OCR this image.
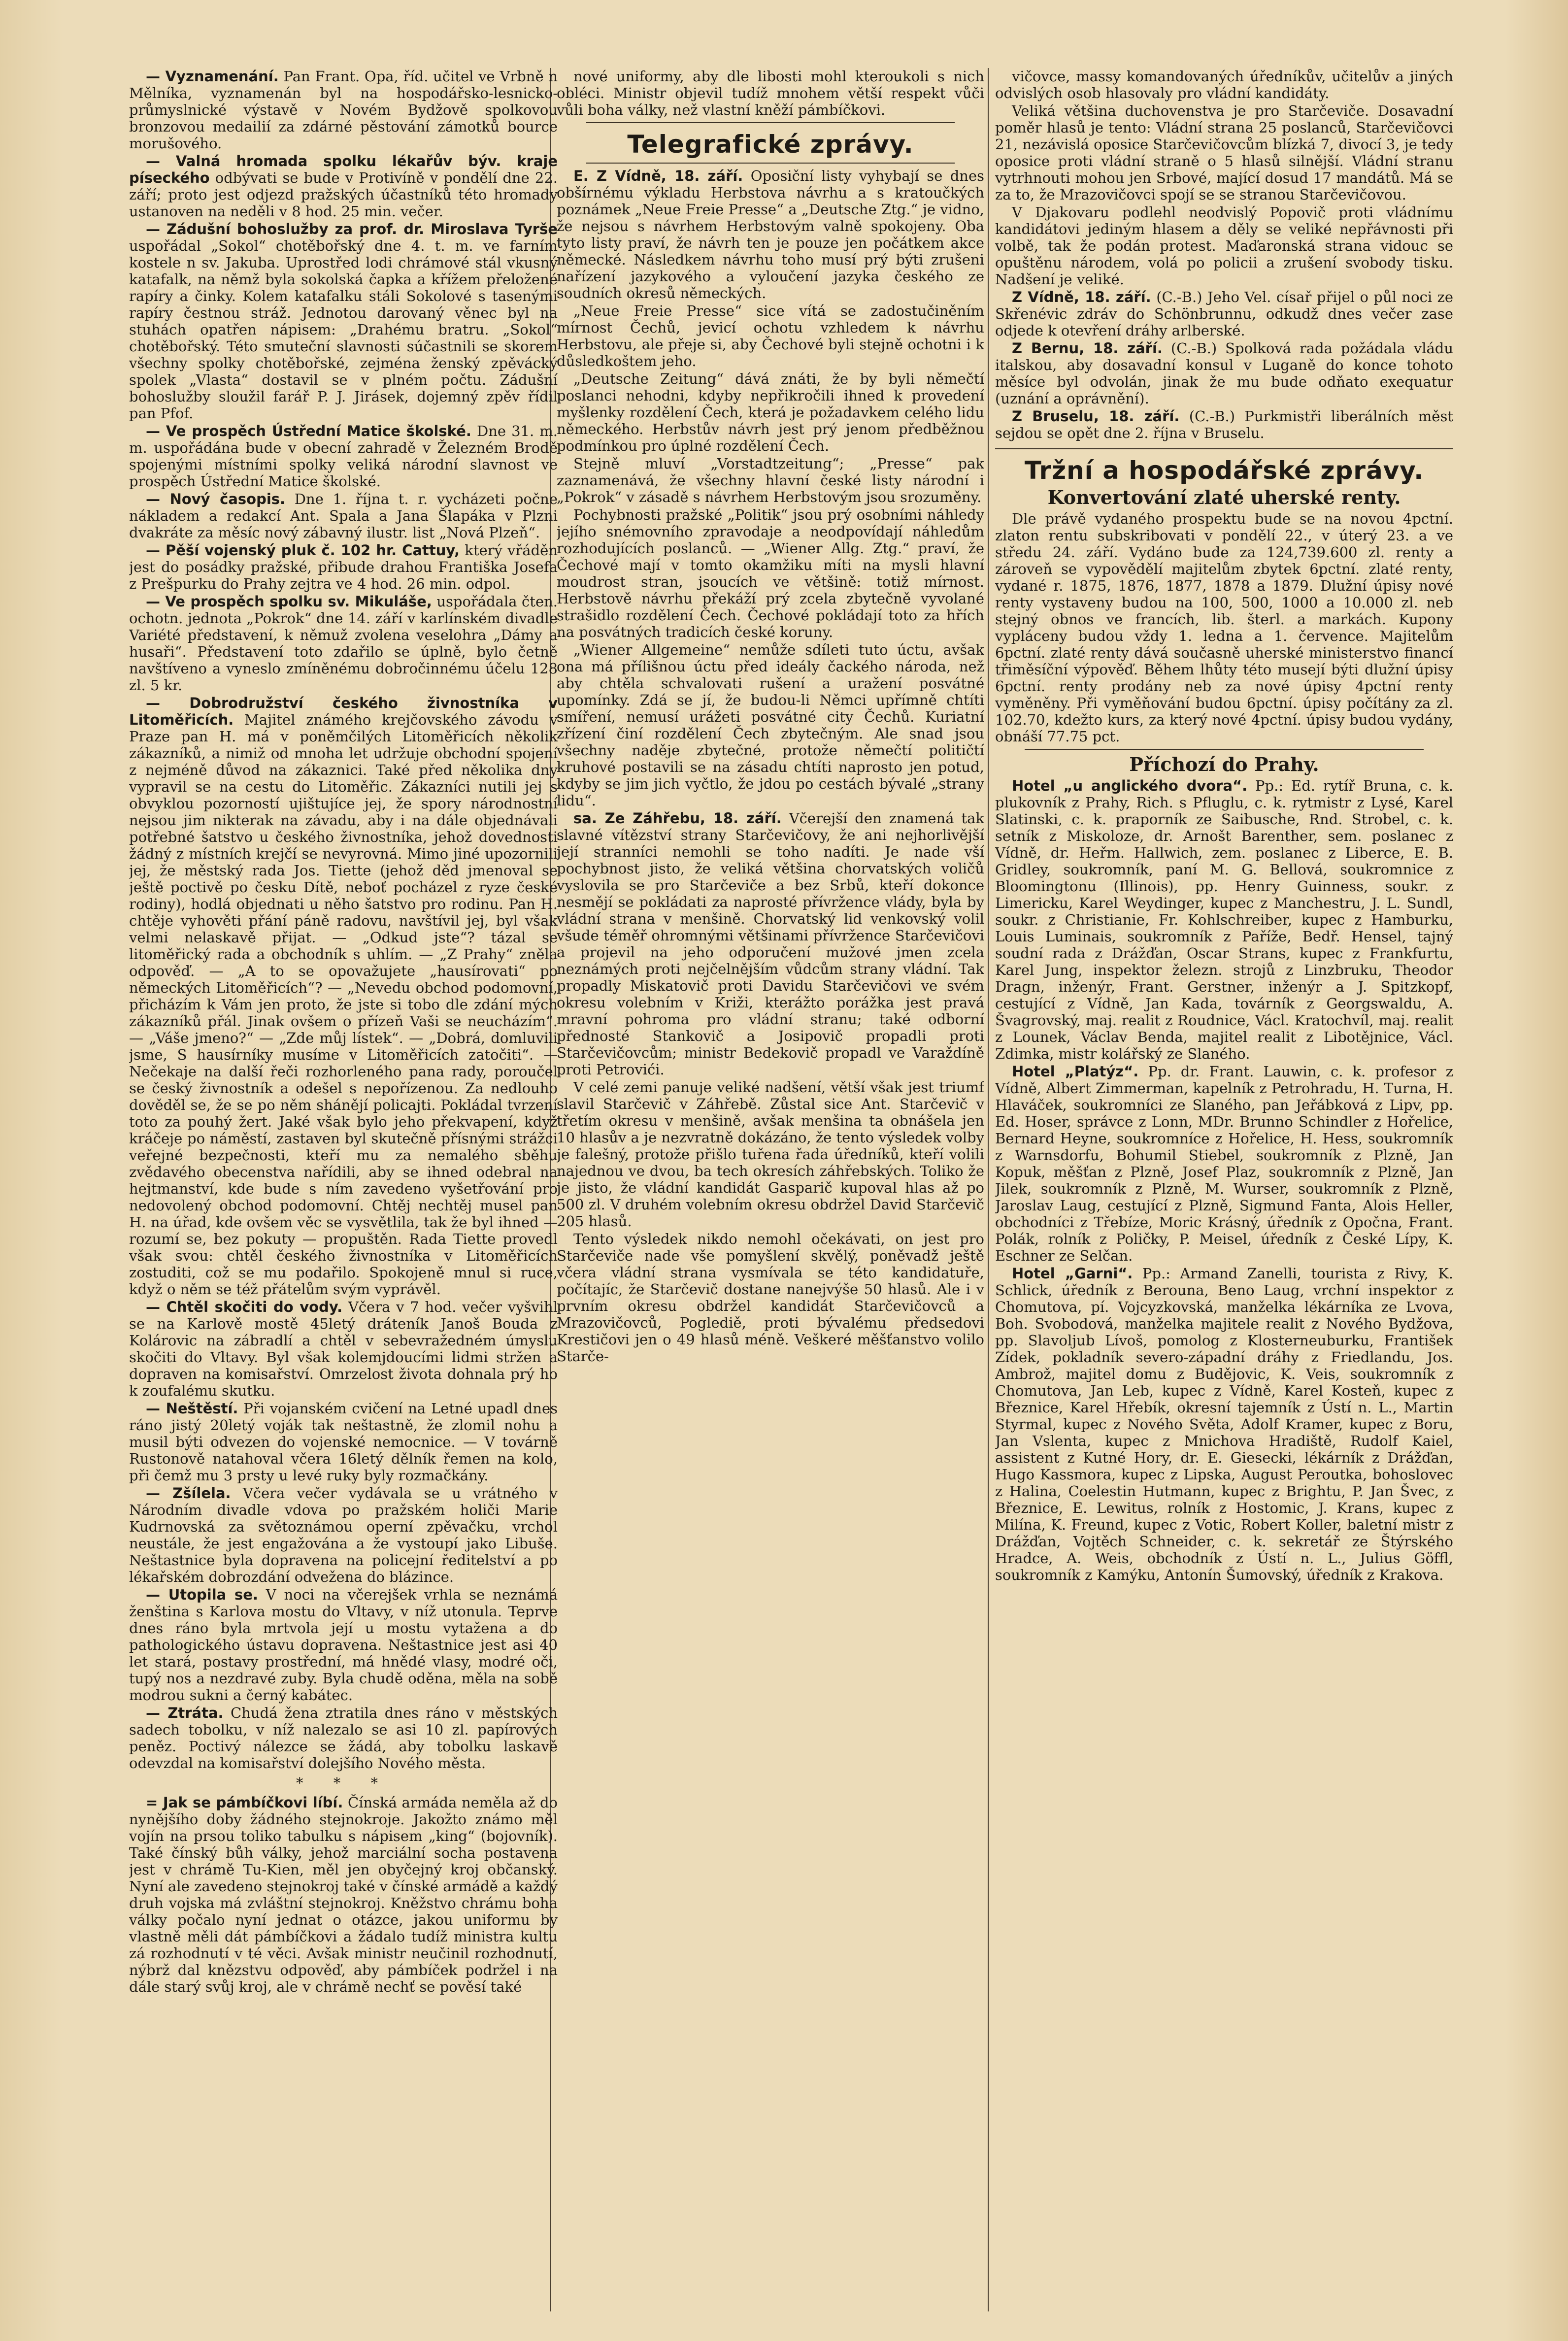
— Vyznamenání. Pan Frant. Opa, říd. učitel ve Vrbně n Mělníka, vyznamenán byl na hospodářsko-lesnicko-průmyslnické výstavě v Novém Bydžově spolkovou bronzovou medailií za zdárné pěstování zámotků bource morušového.

— Valná hromada spolku lékařův býv. kraje píseckého odbývati se bude v Protivíně v pondělí dne 22. září; proto jest odjezd pražských účastníků této hromady ustanoven na neděli v 8 hod. 25 min. večer.

— Zádušní bohoslužby za prof. dr. Miroslava Tyrše uspořádal „Sokol“ chotěbořský dne 4. t. m. ve farním kostele n sv. Jakuba. Uprostřed lodi chrámové stál vkusný katafalk, na němž byla sokolská čapka a křížem přeložené rapíry a činky. Kolem katafalku stáli Sokolové s tasenými rapíry čestnou stráž. Jednotou darovaný věnec byl na stuhách opatřen nápisem: „Drahému bratru. „Sokol“ chotěbořský. Této smuteční slavnosti súčastnili se skorem všechny spolky chotěbořské, zejména ženský zpěvácký spolek „Vlasta“ dostavil se v plném počtu. Zádušní bohoslužby sloužil farář P. J. Jirásek, dojemný zpěv řídil pan Pfof.

— Ve prospěch Ústřední Matice školské. Dne 31. m. m. uspořádána bude v obecní zahradě v Železném Brodě spojenými místními spolky veliká národní slavnost ve prospěch Ústřední Matice školské.

— Nový časopis. Dne 1. října t. r. vycházeti počne nákladem a redakcí Ant. Spala a Jana Šlapáka v Plzni dvakráte za měsíc nový zábavný ilustr. list „Nová Plzeň“.

— Pěší vojenský pluk č. 102 hr. Cattuy, který vřáděn jest do posádky pražské, přibude drahou Františka Josefa z Prešpurku do Prahy zejtra ve 4 hod. 26 min. odpol.

— Ve prospěch spolku sv. Mikuláše, uspořádala čten. ochotn. jednota „Pokrok“ dne 14. září v karlínském divadle Variété představení, k němuž zvolena veselohra „Dámy a husaři“. Představení toto zdařilo se úplně, bylo četně navštíveno a vyneslo zmíněnému dobročinnému účelu 128 zl. 5 kr.

— Dobrodružství českého živnostníka v Litoměřicích. Majitel známého krejčovského závodu v Praze pan H. má v poněmčilých Litoměřicích několik zákazníků, a nimiž od mnoha let udržuje obchodní spojení z nejméně důvod na zákaznici. Také před několika dny vypravil se na cestu do Litoměřic. Zákazníci nutili jej s obvyklou pozorností ujištujíce jej, že spory národnostní nejsou jim nikterak na závadu, aby i na dále objednávali potřebné šatstvo u českého živnostníka, jehož dovednosti žádný z místních krejčí se nevyrovná. Mimo jiné upozornili jej, že městský rada Jos. Tiette (jehož děd jmenoval se ještě poctivě po česku Dítě, neboť pocházel z ryze české rodiny), hodlá objednati u něho šatstvo pro rodinu. Pan H. chtěje vyhověti přání páně radovu, navštívil jej, byl však velmi nelaskavě přijat. — „Odkud jste“? tázal se litoměřický rada a obchodník s uhlím. — „Z Prahy“ zněla odpověď. — „A to se opovažujete „hausírovati“ po německých Litoměřicích“? — „Nevedu obchod podomovní, přicházím k Vám jen proto, že jste si tobo dle zdání mých zákazníků přál. Jinak ovšem o přízeň Vaši se neucházím“. — „Váše jmeno?“ — „Zde můj lístek“. — „Dobrá, domluvili jsme, S hausírníky musíme v Litoměřicích zatočiti“. — Nečekaje na další řeči rozhorleného pana rady, poroučel se český živnostník a odešel s nepořízenou. Za nedlouho dověděl se, že se po něm shánějí policajti. Pokládal tvrzení toto za pouhý žert. Jaké však bylo jeho překvapení, když kráčeje po náměstí, zastaven byl skutečně přísnými strážci veřejné bezpečnosti, kteří mu za nemalého sběhu zvědavého obecenstva nařídili, aby se ihned odebral na hejtmanství, kde bude s ním zavedeno vyšetřování pro nedovolený obchod podomovní. Chtěj nechtěj musel pan H. na úřad, kde ovšem věc se vysvětlila, tak že byl ihned — rozumí se, bez pokuty — propuštěn. Rada Tiette provedl však svou: chtěl českého živnostníka v Litoměřicích zostuditi, což se mu podařilo. Spokojeně mnul si ruce, když o něm se též přátelům svým vyprávěl.

— Chtěl skočiti do vody. Včera v 7 hod. večer vyšvihl se na Karlově mostě 45letý dráteník Janoš Bouda z Kolárovic na zábradlí a chtěl v sebevražedném úmyslu skočiti do Vltavy. Byl však kolemjdoucími lidmi stržen a dopraven na komisařství. Omrzelost života dohnala prý ho k zoufalému skutku.

— Neštěstí. Při vojanském cvičení na Letné upadl dnes ráno jistý 20letý voják tak neštastně, že zlomil nohu a musil býti odvezen do vojenské nemocnice. — V továrně Rustonově natahoval včera 16letý dělník řemen na kolo, při čemž mu 3 prsty u levé ruky byly rozmačkány.

— Zšílela. Včera večer vydávala se u vrátného v Národním divadle vdova po pražském holiči Marie Kudrnovská za světoznámou operní zpěvačku, vrchol neustále, že jest engažována a že vystoupí jako Libuše. Neštastnice byla dopravena na policejní ředitelství a po lékařském dobrozdání odvežena do blázince.

— Utopila se. V noci na včerejšek vrhla se neznámá ženština s Karlova mostu do Vltavy, v níž utonula. Teprve dnes ráno byla mrtvola její u mostu vytažena a do pathologického ústavu dopravena. Neštastnice jest asi 40 let stará, postavy prostřední, má hnědé vlasy, modré oči, tupý nos a nezdravé zuby. Byla chudě oděna, měla na sobě modrou sukni a černý kabátec.

— Ztráta. Chudá žena ztratila dnes ráno v městských sadech tobolku, v níž nalezalo se asi 10 zl. papírových peněz. Poctivý nálezce se žádá, aby tobolku laskavě odevzdal na komisařství dolejšího Nového města.

* * *

= Jak se pámbíčkovi líbí. Čínská armáda neměla až do nynějšího doby žádného stejnokroje. Jakožto známo měl vojín na prsou toliko tabulku s nápisem „king“ (bojovník). Také čínský bůh války, jehož marciální socha postavena jest v chrámě Tu-Kien, měl jen obyčejný kroj občanský. Nyní ale zavedeno stejnokroj také v čínské armádě a každý druh vojska má zvláštní stejnokroj. Kněžstvo chrámu boha války počalo nyní jednat o otázce, jakou uniformu by vlastně měli dát pámbíčkovi a žádalo tudíž ministra kultu zá rozhodnutí v té věci. Avšak ministr neučinil rozhodnutí, nýbrž dal knězstvu odpověď, aby pámbíček podržel i na dále starý svůj kroj, ale v chrámě nechť se pověsí také

nové uniformy, aby dle libosti mohl kteroukoli s nich obléci. Ministr objevil tudíž mnohem větší respekt vůči vůli boha války, než vlastní kněží pámbíčkovi.

Telegrafické zprávy.

E. Z Vídně, 18. září. Oposiční listy vyhybají se dnes obšírnému výkladu Herbstova návrhu a s kratoučkých poznámek „Neue Freie Presse“ a „Deutsche Ztg.“ je vidno, že nejsou s návrhem Herbstovým valně spokojeny. Oba tyto listy praví, že návrh ten je pouze jen počátkem akce německé. Následkem návrhu toho musí prý býti zrušeni nařízení jazykového a vyloučení jazyka českého ze soudních okresů německých.

„Neue Freie Presse“ sice vítá se zadostučiněním mírnost Čechů, jevicí ochotu vzhledem k návrhu Herbstovu, ale přeje si, aby Čechové byli stejně ochotni i k důsledkoštem jeho.

„Deutsche Zeitung“ dává znáti, že by byli němečtí poslanci nehodni, kdyby nepřikročili ihned k provedení myšlenky rozdělení Čech, která je požadavkem celého lidu německého. Herbstův návrh jest prý jenom předběžnou podmínkou pro úplné rozdělení Čech.

Stejně mluví „Vorstadtzeitung“; „Presse“ pak zaznamenává, že všechny hlavní české listy národní i „Pokrok“ v zásadě s návrhem Herbstovým jsou srozuměny.

Pochybnosti pražské „Politik“ jsou prý osobními náhledy jejího snémovního zpravodaje a neodpovídají náhledům rozhodujících poslanců. — „Wiener Allg. Ztg.“ praví, že Čechové mají v tomto okamžiku míti na mysli hlavní moudrost stran, jsoucích ve většině: totiž mírnost. Herbstově návrhu překáží prý zcela zbytečně vyvolané strašidlo rozdělení Čech. Čechové pokládají toto za hřích na posvátných tradicích české koruny.

„Wiener Allgemeine“ nemůže sdíleti tuto úctu, avšak ona má přílišnou úctu před ideály čackého národa, než aby chtěla schvalovati rušení a uražení posvátné upomínky. Zdá se jí, že budou-li Němci upřímně chtíti smíření, nemusí urážeti posvátné city Čechů. Kuriatní zřízení činí rozdělení Čech zbytečným. Ale snad jsou všechny naděje zbytečné, protože němečtí političtí kruhové postavili se na zásadu chtíti naprosto jen potud, kdyby se jim jich vyčtlo, že jdou po cestách bývalé „strany lidu“.

sa. Ze Záhřebu, 18. září. Včerejší den znamená tak slavné vítězství strany Starčevičovy, že ani nejhorlivější její stranníci nemohli se toho nadíti. Je nade vší pochybnost jisto, že veliká většina chorvatských voličů vyslovila se pro Starčeviče a bez Srbů, kteří dokonce nesmějí se pokládati za naprosté přívržence vlády, byla by vládní strana v menšině. Chorvatský lid venkovský volil všude téměř ohromnými většinami přívržence Starčevičovi a projevil na jeho odporučení mužové jmen zcela neznámých proti nejčelnějším vůdcům strany vládní. Tak propadly Miskatovič proti Davidu Starčevičovi ve svém okresu volebním v Križi, kterážto porážka jest pravá mravní pohroma pro vládní stranu; také odborní přednosté Stankovič a Josipovič propadli proti Starčevičovcům; ministr Bedekovič propadl ve Varaždíně proti Petrovići.

V celé zemi panuje veliké nadšení, větší však jest triumf slavil Starčevič v Záhřebě. Zůstal sice Ant. Starčevič v třetím okresu v menšině, avšak menšina ta obnášela jen 10 hlasův a je nezvratně dokázáno, že tento výsledek volby je falešný, protože přišlo tuřena řada úředníků, kteří volili najednou ve dvou, ba tech okresích záhřebských. Toliko že je jisto, že vládní kandidát Gasparič kupoval hlas až po 500 zl. V druhém volebním okresu obdržel David Starčevič 205 hlasů.

Tento výsledek nikdo nemohl očekávati, on jest pro Starčeviče nade vše pomyšlení skvělý, poněvadž ještě včera vládní strana vysmívala se této kandidatuře, počítajíc, že Starčevič dostane nanejvýše 50 hlasů. Ale i v prvním okresu obdržel kandidát Starčevičovců a Mrazovičovců, Poglediě, proti bývalému předsedovi Krestičovi jen o 49 hlasů méně. Veškeré měšťanstvo volilo Starče-

vičovce, massy komandovaných úředníkův, učitelův a jiných odvislých osob hlasovaly pro vládní kandidáty.

Veliká většina duchovenstva je pro Starčeviče. Dosavadní poměr hlasů je tento: Vládní strana 25 poslanců, Starčevičovci 21, nezávislá oposice Starčevičovcům blízká 7, divocí 3, je tedy oposice proti vládní straně o 5 hlasů silnější. Vládní stranu vytrhnouti mohou jen Srbové, mající dosud 17 mandátů. Má se za to, že Mrazovičovci spojí se se stranou Starčevičovou.

V Djakovaru podlehl neodvislý Popovič proti vládnímu kandidátovi jediným hlasem a děly se veliké nepřávnosti při volbě, tak že podán protest. Maďaronská strana vidouc se opuštěnu národem, volá po policii a zrušení svobody tisku. Nadšení je veliké.

Z Vídně, 18. září. (C.-B.) Jeho Vel. císař přijel o půl noci ze Skřenévic zdráv do Schönbrunnu, odkudž dnes večer zase odjede k otevření dráhy arlberské.

Z Bernu, 18. září. (C.-B.) Spolková rada požádala vládu italskou, aby dosavadní konsul v Luganě do konce tohoto měsíce byl odvolán, jinak že mu bude odňato exequatur (uznání a oprávnění).

Z Bruselu, 18. září. (C.-B.) Purkmistři liberálních měst sejdou se opět dne 2. října v Bruselu.

Tržní a hospodářské zprávy.
Konvertování zlaté uherské renty.

Dle právě vydaného prospektu bude se na novou 4pctní. zlaton rentu subskribovati v pondělí 22., v úterý 23. a ve středu 24. září. Vydáno bude za 124,739.600 zl. renty a zároveň se vypovědělí majitelům zbytek 6pctní. zlaté renty, vydané r. 1875, 1876, 1877, 1878 a 1879. Dlužní úpisy nové renty vystaveny budou na 100, 500, 1000 a 10.000 zl. neb stejný obnos ve francích, lib. šterl. a markách. Kupony vypláceny budou vždy 1. ledna a 1. července. Majitelům 6pctní. zlaté renty dává současně uherské ministerstvo financí třiměsíční výpověď. Během lhůty této musejí býti dlužní úpisy 6pctní. renty prodány neb za nové úpisy 4pctní renty vyměněny. Při vyměňování budou 6pctní. úpisy počítány za zl. 102.70, kdežto kurs, za který nové 4pctní. úpisy budou vydány, obnáší 77.75 pct.

Příchozí do Prahy.

Hotel „u anglického dvora“. Pp.: Ed. rytíř Bruna, c. k. plukovník z Prahy, Rich. s Pfluglu, c. k. rytmistr z Lysé, Karel Slatinski, c. k. praporník ze Saibusche, Rnd. Strobel, c. k. setník z Miskoloze, dr. Arnošt Barenther, sem. poslanec z Vídně, dr. Heřm. Hallwich, zem. poslanec z Liberce, E. B. Gridley, soukromník, paní M. G. Bellová, soukromnice z Bloomingtonu (Illinois), pp. Henry Guinness, soukr. z Limericku, Karel Weydinger, kupec z Manchestru, J. L. Sundl, soukr. z Christianie, Fr. Kohlschreiber, kupec z Hamburku, Louis Luminais, soukromník z Paříže, Bedř. Hensel, tajný soudní rada z Drážďan, Oscar Strans, kupec z Frankfurtu, Karel Jung, inspektor železn. strojů z Linzbruku, Theodor Dragn, inženýr, Frant. Gerstner, inženýr a J. Spitzkopf, cestující z Vídně, Jan Kada, továrník z Georgswaldu, A. Švagrovský, maj. realit z Roudnice, Václ. Kratochvíl, maj. realit z Lounek, Václav Benda, majitel realit z Libotějnice, Václ. Zdimka, mistr kolářský ze Slaného.

Hotel „Platýz“. Pp. dr. Frant. Lauwin, c. k. profesor z Vídně, Albert Zimmerman, kapelník z Petrohradu, H. Turna, H. Hlaváček, soukromníci ze Slaného, pan Jeřábková z Lipv, pp. Ed. Hoser, správce z Lonn, MDr. Brunno Schindler z Hořelice, Bernard Heyne, soukromníce z Hořelice, H. Hess, soukromník z Warnsdorfu, Bohumil Stiebel, soukromník z Plzně, Jan Kopuk, měšťan z Plzně, Josef Plaz, soukromník z Plzně, Jan Jilek, soukromník z Plzně, M. Wurser, soukromník z Plzně, Jaroslav Laug, cestující z Plzně, Sigmund Fanta, Alois Heller, obchodníci z Třebíze, Moric Krásný, úředník z Opočna, Frant. Polák, rolník z Poličky, P. Meisel, úředník z České Lípy, K. Eschner ze Selčan.

Hotel „Garni“. Pp.: Armand Zanelli, tourista z Rivy, K. Schlick, úředník z Berouna, Beno Laug, vrchní inspektor z Chomutova, pí. Vojcyzkovská, manželka lékárníka ze Lvova, Boh. Svobodová, manželka majitele realit z Nového Bydžova, pp. Slavoljub Lívoš, pomolog z Klosterneuburku, František Zídek, pokladník severo-západní dráhy z Friedlandu, Jos. Ambrož, majitel domu z Budějovic, K. Veis, soukromník z Chomutova, Jan Leb, kupec z Vídně, Karel Kosteň, kupec z Březnice, Karel Hřebík, okresní tajemník z Ústí n. L., Martin Styrmal, kupec z Nového Světa, Adolf Kramer, kupec z Boru, Jan Vslenta, kupec z Mnichova Hradiště, Rudolf Kaiel, assistent z Kutné Hory, dr. E. Giesecki, lékárník z Drážďan, Hugo Kassmora, kupec z Lipska, August Peroutka, bohoslovec z Halina, Coelestin Hutmann, kupec z Brightu, P. Jan Švec, z Březnice, E. Lewitus, rolník z Hostomic, J. Krans, kupec z Milína, K. Freund, kupec z Votic, Robert Koller, baletní mistr z Drážďan, Vojtěch Schneider, c. k. sekretář ze Štýrského Hradce, A. Weis, obchodník z Ústí n. L., Julius Göffl, soukromník z Kamýku, Antonín Šumovský, úředník z Krakova.
